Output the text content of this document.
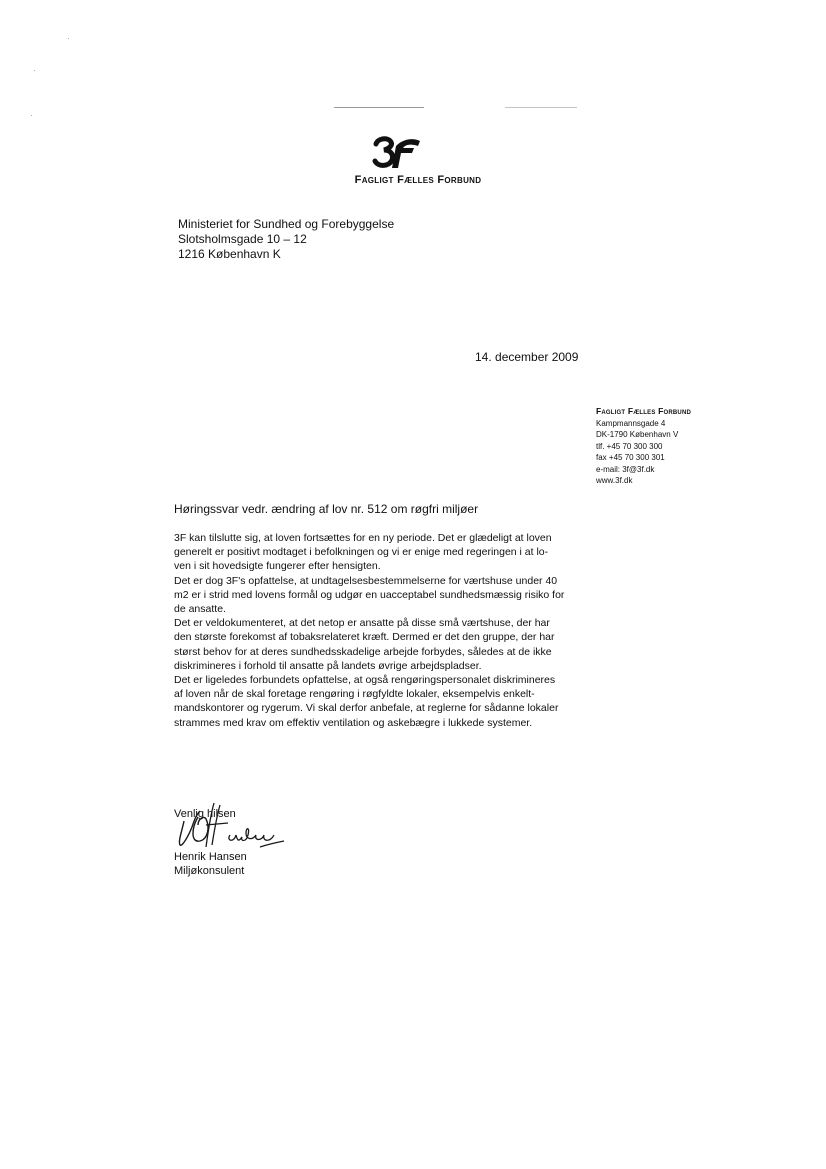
Fagligt Fælles Forbund
Ministeriet for Sundhed og Forebyggelse
Slotsholmsgade 10 – 12
1216 København K
14. december 2009
Fagligt Fælles Forbund
Kampmannsgade 4
DK-1790 København V
tlf. +45 70 300 300
fax +45 70 300 301
e-mail: 3f@3f.dk
www.3f.dk
Høringssvar vedr. ændring af lov nr. 512 om røgfri miljøer
3F kan tilslutte sig, at loven fortsættes for en ny periode. Det er glædeligt at loven
generelt er positivt modtaget i befolkningen og vi er enige med regeringen i at lo-
ven i sit hovedsigte fungerer efter hensigten.
Det er dog 3F's opfattelse, at undtagelsesbestemmelserne for værtshuse under 40
m2 er i strid med lovens formål og udgør en uacceptabel sundhedsmæssig risiko for
de ansatte.
Det er veldokumenteret, at det netop er ansatte på disse små værtshuse, der har
den største forekomst af tobaksrelateret kræft. Dermed er det den gruppe, der har
størst behov for at deres sundhedsskadelige arbejde forbydes, således at de ikke
diskrimineres i forhold til ansatte på landets øvrige arbejdspladser.
Det er ligeledes forbundets opfattelse, at også rengøringspersonalet diskrimineres
af loven når de skal foretage rengøring i røgfyldte lokaler, eksempelvis enkelt-
mandskontorer og rygerum. Vi skal derfor anbefale, at reglerne for sådanne lokaler
strammes med krav om effektiv ventilation og askebægre i lukkede systemer.
Venlig hilsen
Henrik Hansen
Miljøkonsulent
